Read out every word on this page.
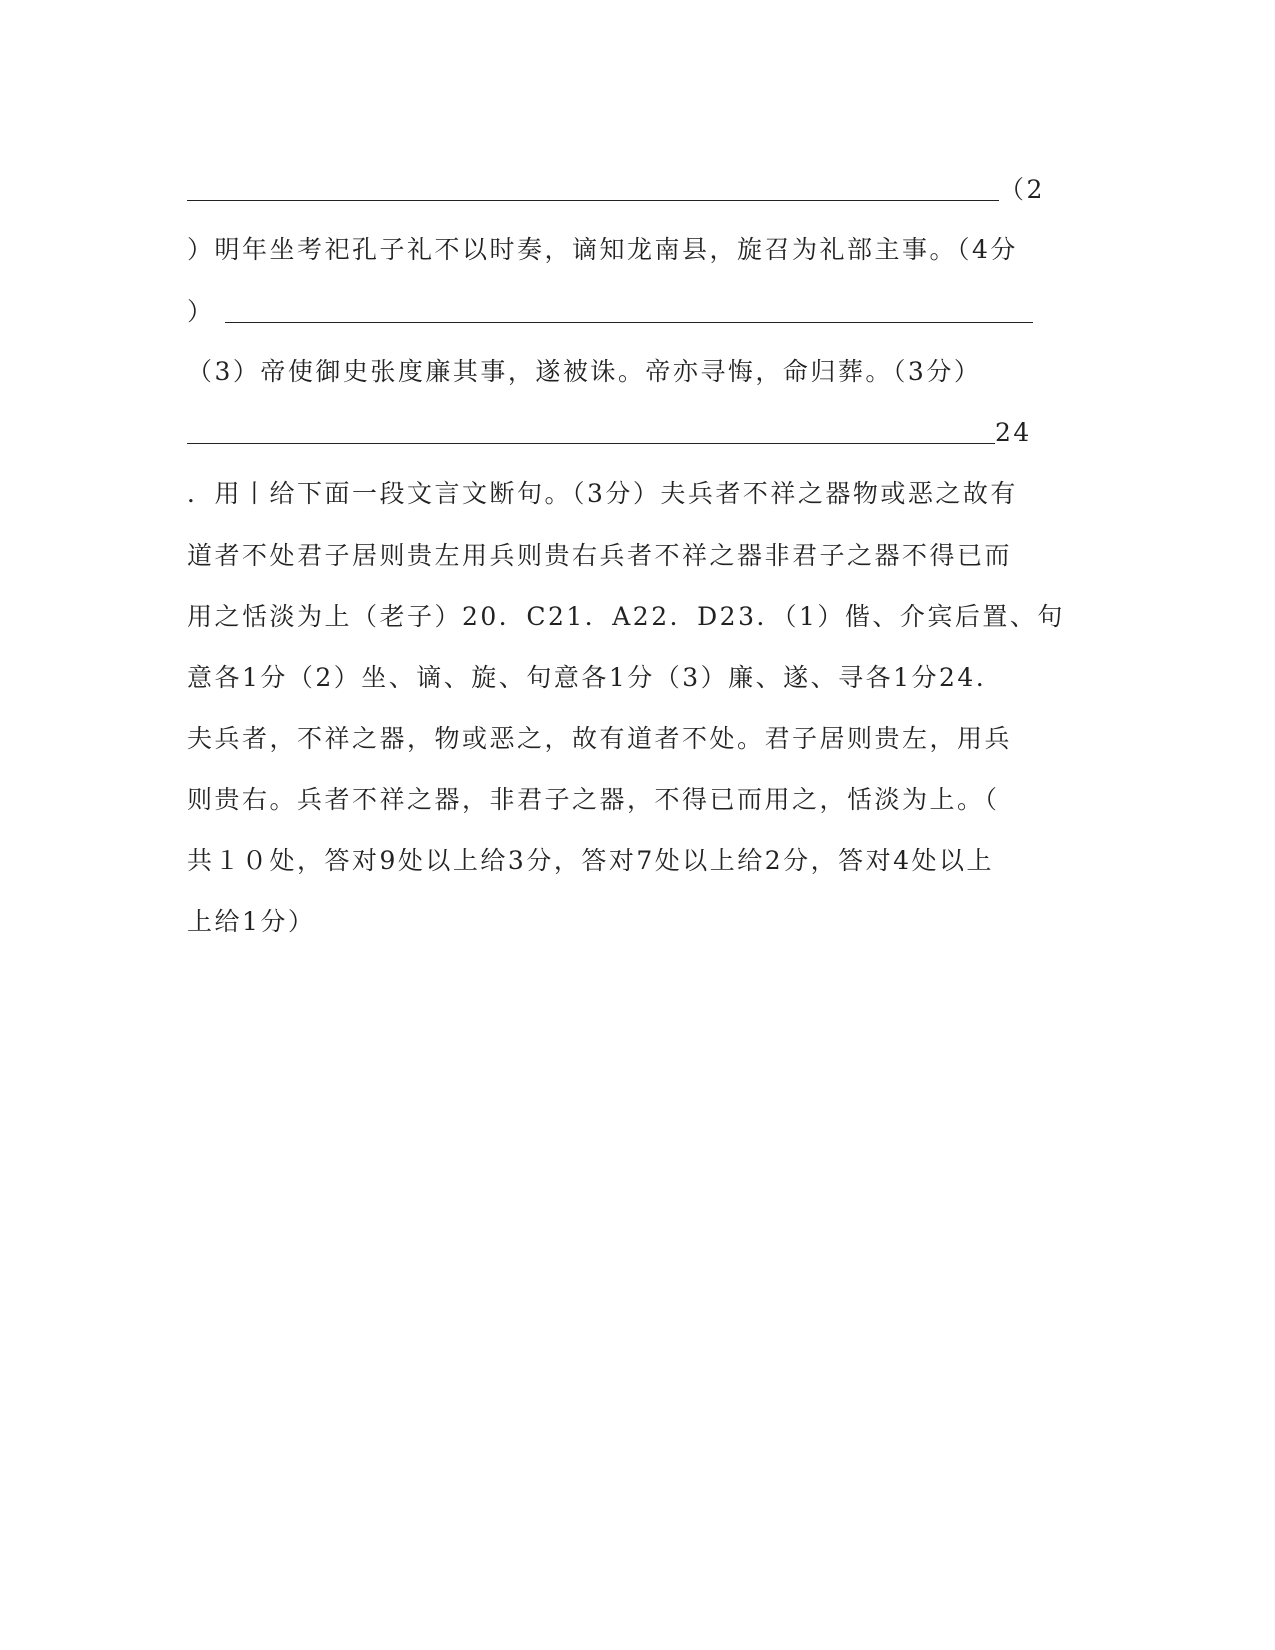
（2
）明年坐考祀孔子礼不以时奏，谪知龙南县，旋召为礼部主事。（4分
）
（3）帝使御史张度廉其事，遂被诛。帝亦寻悔，命归葬。（3分）
24
．用丨给下面一段文言文断句。（3分）夫兵者不祥之器物或恶之故有
道者不处君子居则贵左用兵则贵右兵者不祥之器非君子之器不得已而
用之恬淡为上（老子）20．C21．A22．D23．（1）偕、介宾后置、句
意各1分（2）坐、谪、旋、句意各1分（3）廉、遂、寻各1分24．
夫兵者，不祥之器，物或恶之，故有道者不处。君子居则贵左，用兵
则贵右。兵者不祥之器，非君子之器，不得已而用之，恬淡为上。（
共１０处，答对9处以上给3分，答对7处以上给2分，答对4处以上
上给1分）
